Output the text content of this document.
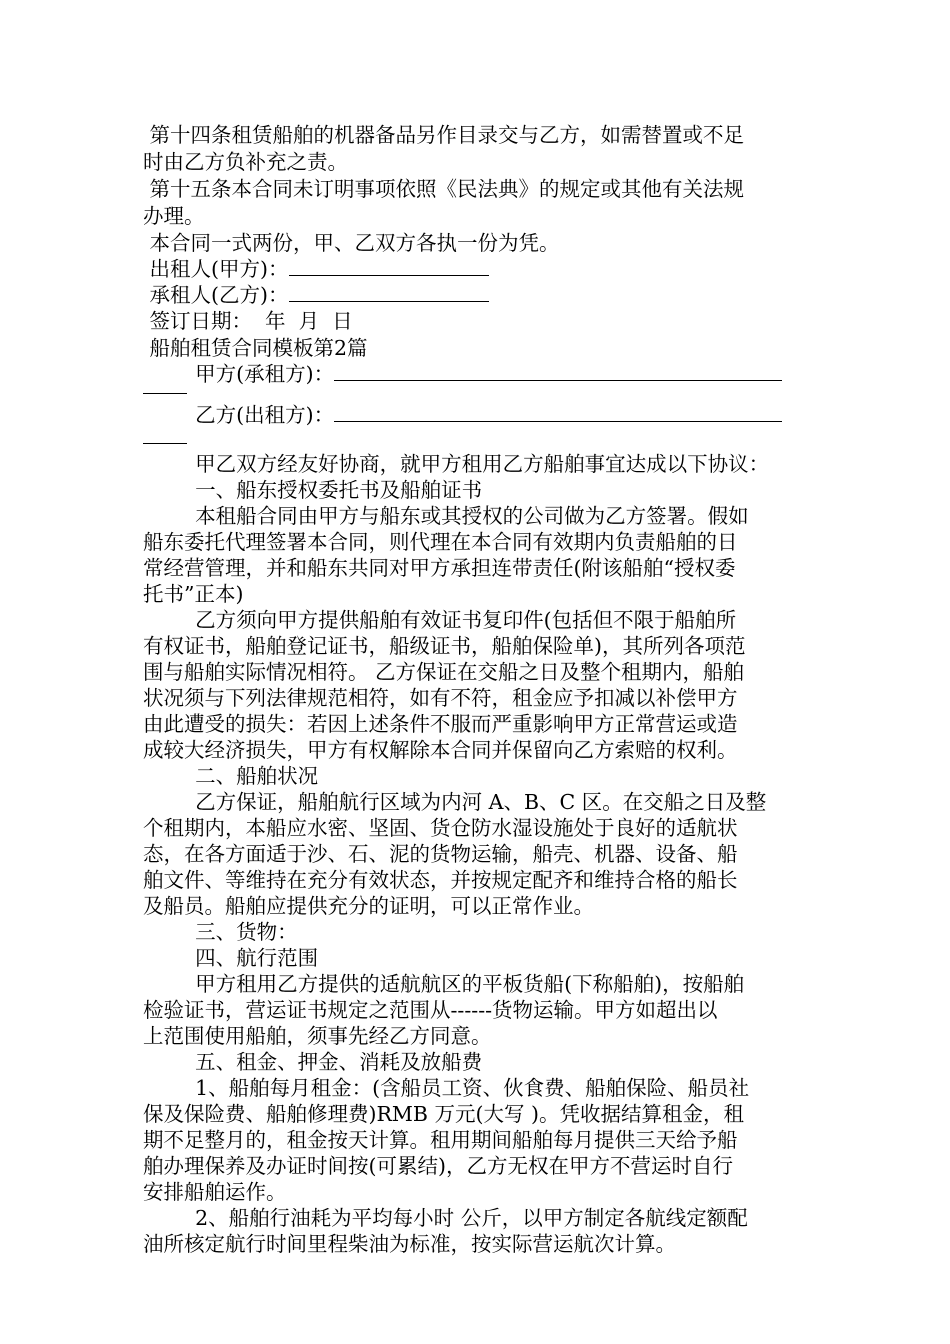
第十四条租赁船舶的机器备品另作目录交与乙方，如需替置或不足
时由乙方负补充之责。
第十五条本合同未订明事项依照《民法典》的规定或其他有关法规
办理。
本合同一式两份，甲、乙双方各执一份为凭。
出租人(甲方)：
承租人(乙方)：
签订日期：  年  月  日
船舶租赁合同模板第2篇
甲方(承租方)：
乙方(出租方)：
甲乙双方经友好协商，就甲方租用乙方船舶事宜达成以下协议：
一、船东授权委托书及船舶证书
本租船合同由甲方与船东或其授权的公司做为乙方签署。假如
船东委托代理签署本合同，则代理在本合同有效期内负责船舶的日
常经营管理，并和船东共同对甲方承担连带责任(附该船舶“授权委
托书”正本)
乙方须向甲方提供船舶有效证书复印件(包括但不限于船舶所
有权证书，船舶登记证书，船级证书，船舶保险单)，其所列各项范
围与船舶实际情况相符。 乙方保证在交船之日及整个租期内，船舶
状况须与下列法律规范相符，如有不符，租金应予扣减以补偿甲方
由此遭受的损失：若因上述条件不服而严重影响甲方正常营运或造
成较大经济损失，甲方有权解除本合同并保留向乙方索赔的权利。
二、船舶状况
乙方保证，船舶航行区域为内河 A、B、C 区。在交船之日及整
个租期内，本船应水密、坚固、货仓防水湿设施处于良好的适航状
态，在各方面适于沙、石、泥的货物运输，船壳、机器、设备、船
舶文件、等维持在充分有效状态，并按规定配齐和维持合格的船长
及船员。船舶应提供充分的证明，可以正常作业。
三、货物：
四、航行范围
甲方租用乙方提供的适航航区的平板货船(下称船舶)，按船舶
检验证书，营运证书规定之范围从------货物运输。甲方如超出以
上范围使用船舶，须事先经乙方同意。
五、租金、押金、消耗及放船费
1、船舶每月租金：(含船员工资、伙食费、船舶保险、船员社
保及保险费、船舶修理费)RMB 万元(大写 )。凭收据结算租金，租
期不足整月的，租金按天计算。租用期间船舶每月提供三天给予船
舶办理保养及办证时间按(可累结)，乙方无权在甲方不营运时自行
安排船舶运作。
2、船舶行油耗为平均每小时 公斤，以甲方制定各航线定额配
油所核定航行时间里程柴油为标准，按实际营运航次计算。
